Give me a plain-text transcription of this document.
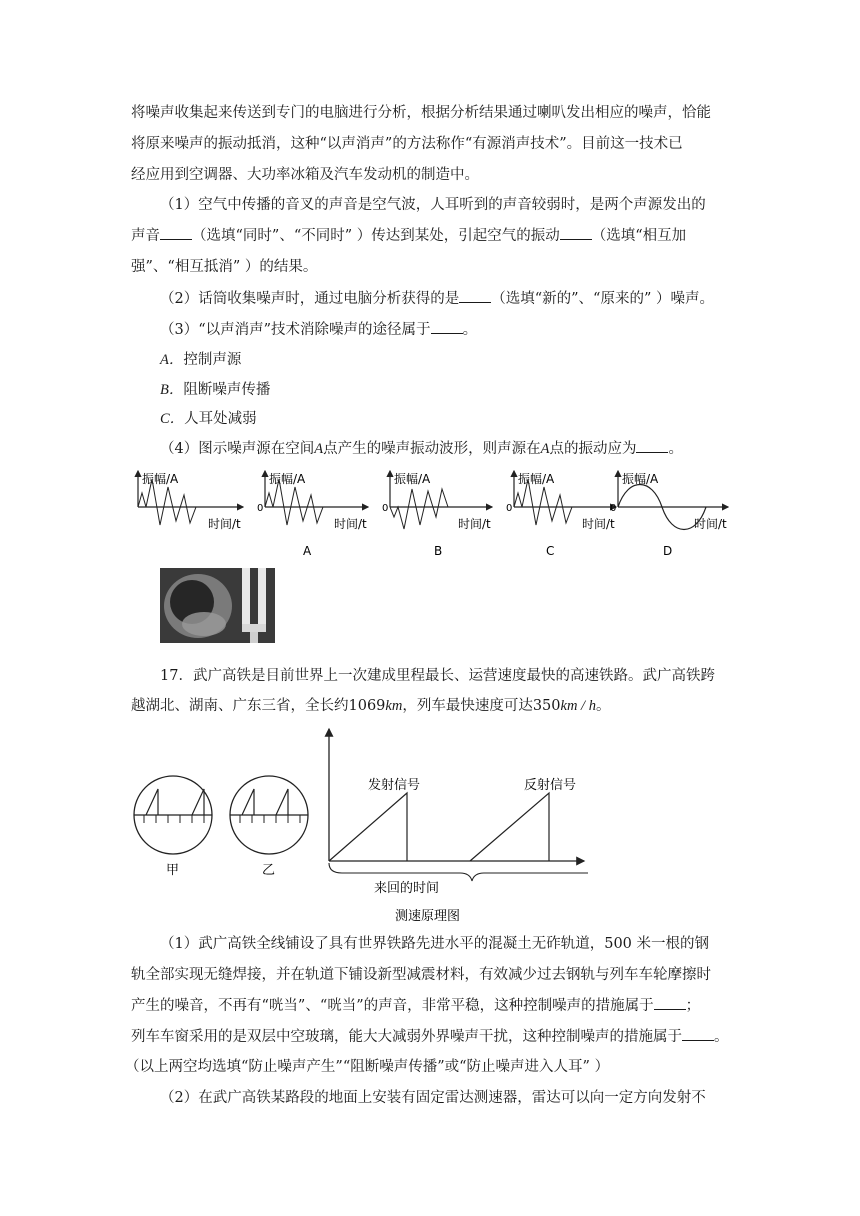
将噪声收集起来传送到专门的电脑进行分析，根据分析结果通过喇叭发出相应的噪声，恰能
将原来噪声的振动抵消，这种“以声消声”的方法称作“有源消声技术”。目前这一技术已
经应用到空调器、大功率冰箱及汽车发动机的制造中。
（1）空气中传播的音叉的声音是空气波，人耳听到的声音较弱时，是两个声源发出的
声音 （选填“同时”、“不同时” ）传达到某处，引起空气的振动 （选填“相互加
强”、“相互抵消” ）的结果。
（2）话筒收集噪声时，通过电脑分析获得的是 （选填“新的”、“原来的” ）噪声。
（3）“以声消声”技术消除噪声的途径属于 。
A．控制声源
B．阻断噪声传播
C．人耳处减弱
（4）图示噪声源在空间A点产生的噪声振动波形，则声源在A点的振动应为 。
振幅/A
时间/t
0
振幅/A
时间/t
A
0
振幅/A
时间/t
B
0
振幅/A
时间/t
C
0
振幅/A
时间/t
D
17．武广高铁是目前世界上一次建成里程最长、运营速度最快的高速铁路。武广高铁跨
越湖北、湖南、广东三省，全长约1069km，列车最快速度可达350km / h。
甲	乙
发射信号	反射信号
来回的时间
测速原理图
（1）武广高铁全线铺设了具有世界铁路先进水平的混凝土无砟轨道，500 米一根的钢
轨全部实现无缝焊接，并在轨道下铺设新型减震材料，有效减少过去钢轨与列车车轮摩擦时
产生的噪音，不再有“咣当”、“咣当”的声音，非常平稳，这种控制噪声的措施属于 ；
列车车窗采用的是双层中空玻璃，能大大减弱外界噪声干扰，这种控制噪声的措施属于 。
（以上两空均选填“防止噪声产生”“阻断噪声传播”或“防止噪声进入人耳” ）
（2）在武广高铁某路段的地面上安装有固定雷达测速器，雷达可以向一定方向发射不
